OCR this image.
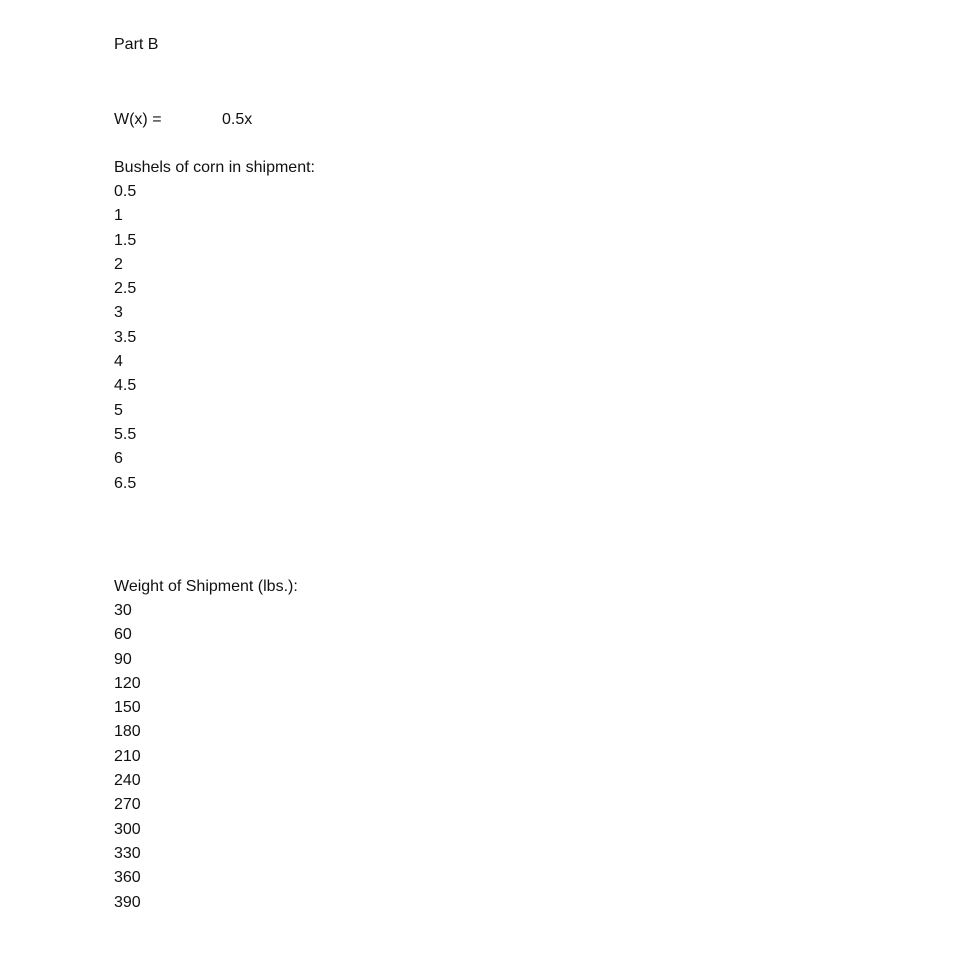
Part B
W(x) =	0.5x
Bushels of corn in shipment:
0.5
1
1.5
2
2.5
3
3.5
4
4.5
5
5.5
6
6.5
Weight of Shipment (lbs.):
30
60
90
120
150
180
210
240
270
300
330
360
390
